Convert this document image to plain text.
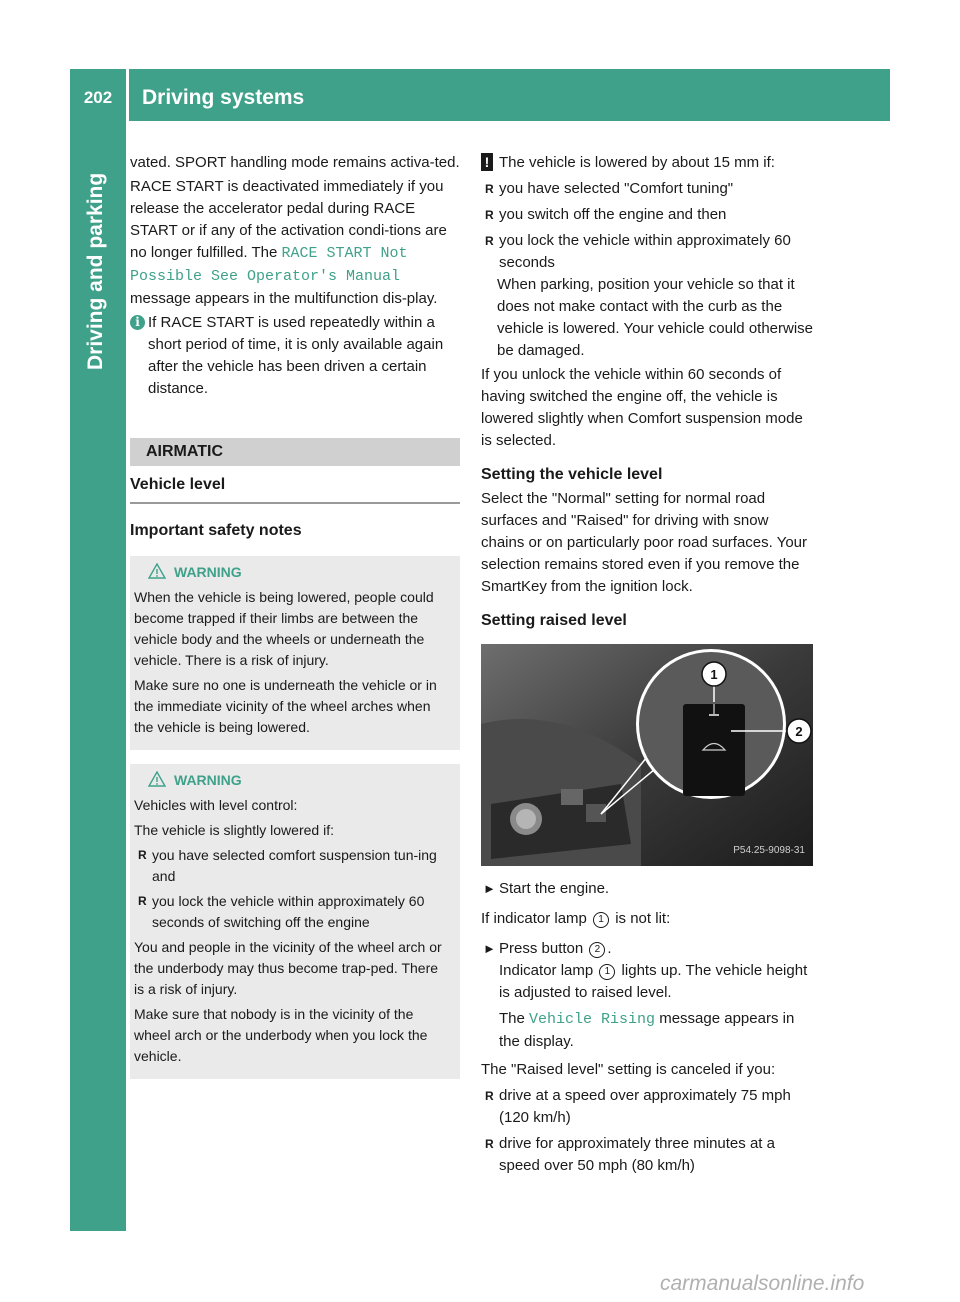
202	Driving systems
Driving and parking

vated. SPORT handling mode remains activa-ted.

RACE START is deactivated immediately if you release the accelerator pedal during RACE START or if any of the activation condi-tions are no longer fulfilled. The RACE START Not Possible See Operator's Manual message appears in the multifunction dis-play.

i If RACE START is used repeatedly within a short period of time, it is only available again after the vehicle has been driven a certain distance.
AIRMATIC
Vehicle level
Important safety notes
WARNING

When the vehicle is being lowered, people could become trapped if their limbs are between the vehicle body and the wheels or underneath the vehicle. There is a risk of injury.

Make sure no one is underneath the vehicle or in the immediate vicinity of the wheel arches when the vehicle is being lowered.

WARNING

Vehicles with level control:

The vehicle is slightly lowered if:

R you have selected comfort suspension tun-ing and
R you lock the vehicle within approximately 60 seconds of switching off the engine

You and people in the vicinity of the wheel arch or the underbody may thus become trap-ped. There is a risk of injury.

Make sure that nobody is in the vicinity of the wheel arch or the underbody when you lock the vehicle.

! The vehicle is lowered by about 15 mm if:
R you have selected "Comfort tuning"
R you switch off the engine and then
R you lock the vehicle within approximately 60 seconds

When parking, position your vehicle so that it does not make contact with the curb as the vehicle is lowered. Your vehicle could otherwise be damaged.

If you unlock the vehicle within 60 seconds of having switched the engine off, the vehicle is lowered slightly when Comfort suspension mode is selected.

Setting the vehicle level

Select the "Normal" setting for normal road surfaces and "Raised" for driving with snow chains or on particularly poor road surfaces. Your selection remains stored even if you remove the SmartKey from the ignition lock.

Setting raised level
1
2
P54.25-9098-31
► Start the engine.

If indicator lamp 1 is not lit:

► Press button 2 .
Indicator lamp 1 lights up. The vehicle height is adjusted to raised level.
The Vehicle Rising message appears in the display.

The "Raised level" setting is canceled if you:

R drive at a speed over approximately 75 mph (120 km/h)
R drive for approximately three minutes at a speed over 50 mph (80 km/h)
carmanualsonline.info
